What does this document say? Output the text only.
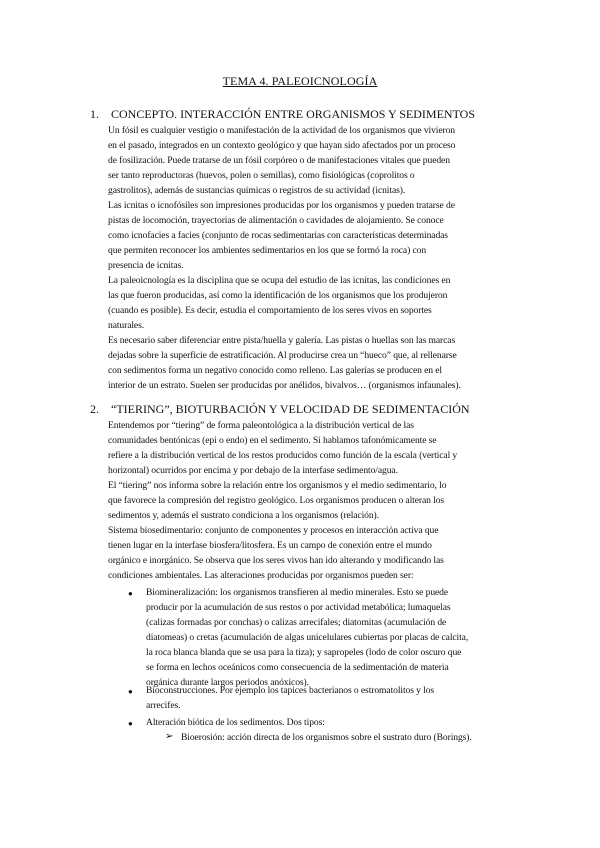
TEMA 4. PALEOICNOLOGÍA
1. CONCEPTO. INTERACCIÓN ENTRE ORGANISMOS Y SEDIMENTOS
Un fósil es cualquier vestigio o manifestación de la actividad de los organismos que vivieron
en el pasado, integrados en un contexto geológico y que hayan sido afectados por un proceso
de fosilización. Puede tratarse de un fósil corpóreo o de manifestaciones vitales que pueden
ser tanto reproductoras (huevos, polen o semillas), como fisiológicas (coprolitos o
gastrolitos), además de sustancias químicas o registros de su actividad (icnitas).
Las icnitas o icnofósiles son impresiones producidas por los organismos y pueden tratarse de
pistas de locomoción, trayectorias de alimentación o cavidades de alojamiento. Se conoce
como icnofacies a facies (conjunto de rocas sedimentarias con características determinadas
que permiten reconocer los ambientes sedimentarios en los que se formó la roca) con
presencia de icnitas.
La paleoicnología es la disciplina que se ocupa del estudio de las icnitas, las condiciones en
las que fueron producidas, así como la identificación de los organismos que los produjeron
(cuando es posible). Es decir, estudia el comportamiento de los seres vivos en soportes
naturales.
Es necesario saber diferenciar entre pista/huella y galería. Las pistas o huellas son las marcas
dejadas sobre la superficie de estratificación. Al producirse crea un “hueco” que, al rellenarse
con sedimentos forma un negativo conocido como relleno. Las galerías se producen en el
interior de un estrato. Suelen ser producidas por anélidos, bivalvos… (organismos infaunales).
2. “TIERING”, BIOTURBACIÓN Y VELOCIDAD DE SEDIMENTACIÓN
Entendemos por “tiering” de forma paleontológica a la distribución vertical de las
comunidades bentónicas (epi o endo) en el sedimento. Si hablamos tafonómicamente se
refiere a la distribución vertical de los restos producidos como función de la escala (vertical y
horizontal) ocurridos por encima y por debajo de la interfase sedimento/agua.
El “tiering” nos informa sobre la relación entre los organismos y el medio sedimentario, lo
que favorece la compresión del registro geológico. Los organismos producen o alteran los
sedimentos y, además el sustrato condiciona a los organismos (relación).
Sistema biosedimentario: conjunto de componentes y procesos en interacción activa que
tienen lugar en la interfase biosfera/litosfera. Es un campo de conexión entre el mundo
orgánico e inorgánico. Se observa que los seres vivos han ido alterando y modificando las
condiciones ambientales. Las alteraciones producidas por organismos pueden ser:
● Biomineralización: los organismos transfieren al medio minerales. Esto se puede
producir por la acumulación de sus restos o por actividad metabólica; lumaquelas
(calizas formadas por conchas) o calizas arrecifales; diatomitas (acumulación de
diatomeas) o cretas (acumulación de algas unicelulares cubiertas por placas de calcita,
la roca blanca blanda que se usa para la tiza); y sapropeles (lodo de color oscuro que
se forma en lechos oceánicos como consecuencia de la sedimentación de materia
orgánica durante largos periodos anóxicos).
● Bioconstrucciones. Por ejemplo los tapices bacterianos o estromatolitos y los
arrecifes.
● Alteración biótica de los sedimentos. Dos tipos:
➢ Bioerosión: acción directa de los organismos sobre el sustrato duro (Borings).
